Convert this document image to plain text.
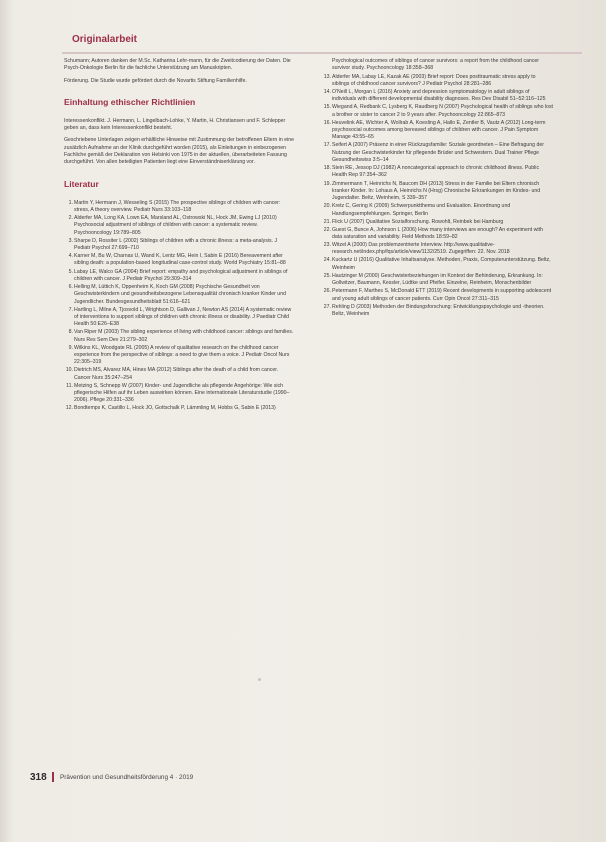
Originalarbeit

Schumann; Autoren danken der M.Sc. Katharina Lehr-mann, für die Zweitcodierung der Daten. Die Psych-Onkologie Berlin für die fachliche Unterstützung am Manuskripten.

Förderung. Die Studie wurde gefördert durch die Novartis Stiftung Familienhilfe.

Einhaltung ethischer Richtlinien

Interessenkonflikt. J. Hermann, L. Lingelbach-Lohke, Y. Martin, H. Christiansen und F. Schlepper geben an, dass kein Interessenkonflikt besteht.

Geschriebene Unterlagen zeigen erhältliche Hinweise mit Zustimmung der betroffenen Eltern in eine zusätzlich Aufnahme an der Klinik durchgeführt worden (2015), als Einleitungen in einbezogenen Fachliche gemäß der Deklaration von Helsinki von 1975 in der aktuellen, überarbeiteten Fassung durchgeführt. Von allen beteiligten Patienten liegt eine Einverständniserklärung vor.

Literatur
1. Martin Y, Hermann J, Wesseling S (2015) The prospective siblings of children with cancer: stress, A theory overview. Pediatr Nurs 33:103–118
2. Alderfer MA, Long KA, Lown EA, Marsland AL, Ostrowski NL, Hock JM, Ewing LJ (2010) Psychosocial adjustment of siblings of children with cancer: a systematic review. Psychooncology 19:789–805
3. Sharpe D, Rossiter L (2002) Siblings of children with a chronic illness: a meta-analysis. J Pediatr Psychol 27:699–710
4. Karner M, Bu W, Charnas U, Wand K, Lentz MG, Hein I, Sabin E (2016) Bereavement after sibling death: a population-based longitudinal case-control study. World Psychiatry 15:81–88
5. Labay LE, Walco GA (2004) Brief report: empathy and psychological adjustment in siblings of children with cancer. J Pediatr Psychol 29:309–314
6. Helling M, Lüttich K, Oppenheim K, Koch GM (2008) Psychische Gesundheit von Geschwisterkindern und gesundheitsbezogene Lebensqualität chronisch kranker Kinder und Jugendlicher. Bundesgesundheitsblatt 51:616–621
7. Hartling L, Milne A, Tjosvold L, Wrightson D, Gallivan J, Newton AS (2014) A systematic review of interventions to support siblings of children with chronic illness or disability. J Paediatr Child Health 50:E26–E38
8. Van Riper M (2003) The sibling experience of living with childhood cancer: siblings and families. Nurs Res Sem Dev 21:279–302
9. Wilkins KL, Woodgate RL (2005) A review of qualitative research on the childhood cancer experience from the perspective of siblings: a need to give them a voice. J Pediatr Oncol Nurs 22:305–319
10. Dietrich MS, Alvarez MA, Hines MA (2012) Siblings after the death of a child from cancer. Cancer Nurs 35:247–254
11. Metzing S, Schnepp W (2007) Kinder- und Jugendliche als pflegende Angehörige: Wie sich pflegerische Hilfen auf ihr Leben auswirken können. Eine internationale Literaturstudie (1990–2006). Pflege 20:331–336
12. Bondtemps K, Castillo L, Hock JO, Gottschalk P, Lämmling M, Hobbs G, Sabin E (2013)
Psychological outcomes of siblings of cancer survivors: a report from the childhood cancer survivor study. Psychooncology 18:358–368
13. Alderfer MA, Labay LE, Kazak AE (2003) Brief report: Does posttraumatic stress apply to siblings of childhood cancer survivors? J Pediatr Psychol 28:281–286
14. O'Neill L, Morgan L (2016) Anxiety and depression symptomatology in adult siblings of individuals with different developmental disability diagnoses. Res Dev Disabil 51–52:116–125
15. Wiegand A, Redbank C, Lysberg K, Raudberg N (2007) Psychological health of siblings who lost a brother or sister to cancer 2 to 9 years after. Psychooncology 22:865–873
16. Heuvelink AE, Wichter A, Wollrab A, Koesling A, Hallo E, Zentler B, Vautz A (2012) Long-term psychosocial outcomes among bereaved siblings of children with cancer. J Pain Symptom Manage 43:55–65
17. Seifert A (2007) Präsenz in einer Rückzugsfamilie: Soziale geordneten – Eine Befragung der Nutzung der Geschwisterkinder für pflegende Brüder und Schwestern. Dual Trainer Pflege Gesundheitswiss 3:5–14
18. Stein RE, Jessop DJ (1982) A noncategorical approach to chronic childhood illness. Public Health Rep 97:354–362
19. Zimmermann T, Heinrichs N, Baucom DH (2013) Stress in der Familie bei Eltern chronisch kranker Kinder. In: Lohaus A, Heinrichs N (Hrsg) Chronische Erkrankungen im Kindes- und Jugendalter. Beltz, Weinheim, S 339–357
20. Kretz C, Gering K (2009) Schwerpunktthema und Evaluation. Einordnung und Handlungsempfehlungen. Springer, Berlin
21. Flick U (2007) Qualitative Sozialforschung. Rowohlt, Reinbek bei Hamburg
22. Guest G, Bunce A, Johnson L (2006) How many interviews are enough? An experiment with data saturation and variability. Field Methods 18:59–82
23. Witzel A (2000) Das problemzentrierte Interview. http://www.qualitative-research.net/index.php/fqs/article/view/1132/2519. Zugegriffen: 22. Nov. 2018
24. Kuckartz U (2016) Qualitative Inhaltsanalyse. Methoden, Praxis, Computerunterstützung. Beltz, Weinheim
25. Hautzinger M (2000) Geschwisterbeziehungen im Kontext der Behinderung, Erkrankung. In: Gollwitzer, Baumann, Kessler, Lüdtke und Pfeifer. Einzelne, Reinheim, Monschenbilder
26. Petermann F, Marthes S, McDonald ETT (2019) Recent developments in supporting adolescent and young adult siblings of cancer patients. Curr Opin Oncol 27:311–315
27. Rehling D (2003) Methoden der Bindungsforschung: Entwicklungspsychologie und -theorien. Beltz, Weinheim
318 Prävention und Gesundheitsförderung 4 · 2019
